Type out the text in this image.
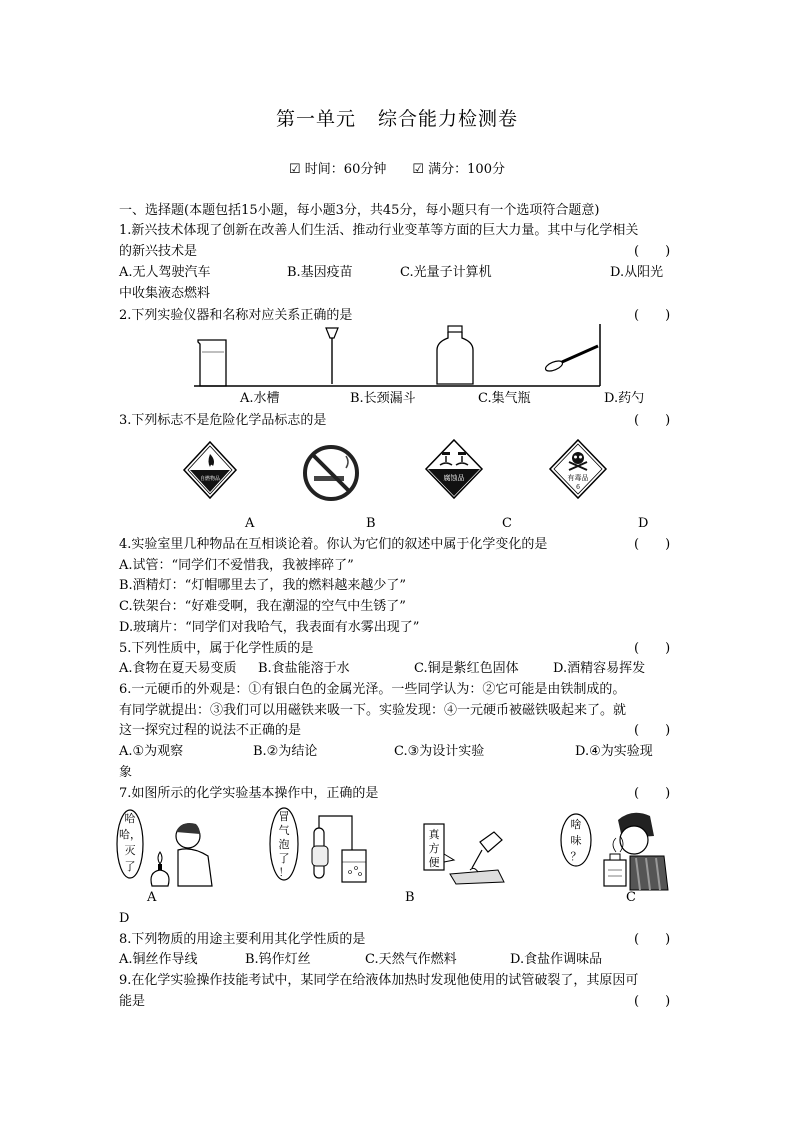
第一单元 综合能力检测卷
☑ 时间：60分钟 ☑ 满分：100分
一、选择题(本题包括15小题，每小题3分，共45分，每小题只有一个选项符合题意)
1.新兴技术体现了创新在改善人们生活、推动行业变革等方面的巨大力量。其中与化学相关
的新兴技术是	(　　)
A.无人驾驶汽车	B.基因疫苗	C.光量子计算机	D.从阳光
中收集液态燃料
2.下列实验仪器和名称对应关系正确的是	(　　)
A.水槽	B.长颈漏斗	C.集气瓶	D.药勺
3.下列标志不是危险化学品标志的是	(　　)
自燃物品	腐蚀品	有毒品
6
A	B	C	D
4.实验室里几种物品在互相谈论着。你认为它们的叙述中属于化学变化的是	(　　)
A.试管：“同学们不爱惜我，我被摔碎了”
B.酒精灯：“灯帽哪里去了，我的燃料越来越少了”
C.铁架台：“好难受啊，我在潮湿的空气中生锈了”
D.玻璃片：“同学们对我哈气，我表面有水雾出现了”
5.下列性质中，属于化学性质的是	(　　)
A.食物在夏天易变质 B.食盐能溶于水	C.铜是紫红色固体	D.酒精容易挥发
6.一元硬币的外观是：①有银白色的金属光泽。一些同学认为：②它可能是由铁制成的。
有同学就提出：③我们可以用磁铁来吸一下。实验发现：④一元硬币被磁铁吸起来了。就
这一探究过程的说法不正确的是	(　　)
A.①为观察	B.②为结论	C.③为设计实验	D.④为实验现
象
7.如图所示的化学实验基本操作中，正确的是	(　　)
哈
哈，
灭
了
冒
气
泡
了
！
真
方
便
啥
味
？
A	B	C
D
8.下列物质的用途主要利用其化学性质的是	(　　)
A.铜丝作导线	B.钨作灯丝	C.天然气作燃料	D.食盐作调味品
9.在化学实验操作技能考试中，某同学在给液体加热时发现他使用的试管破裂了，其原因可
能是	(　　)
